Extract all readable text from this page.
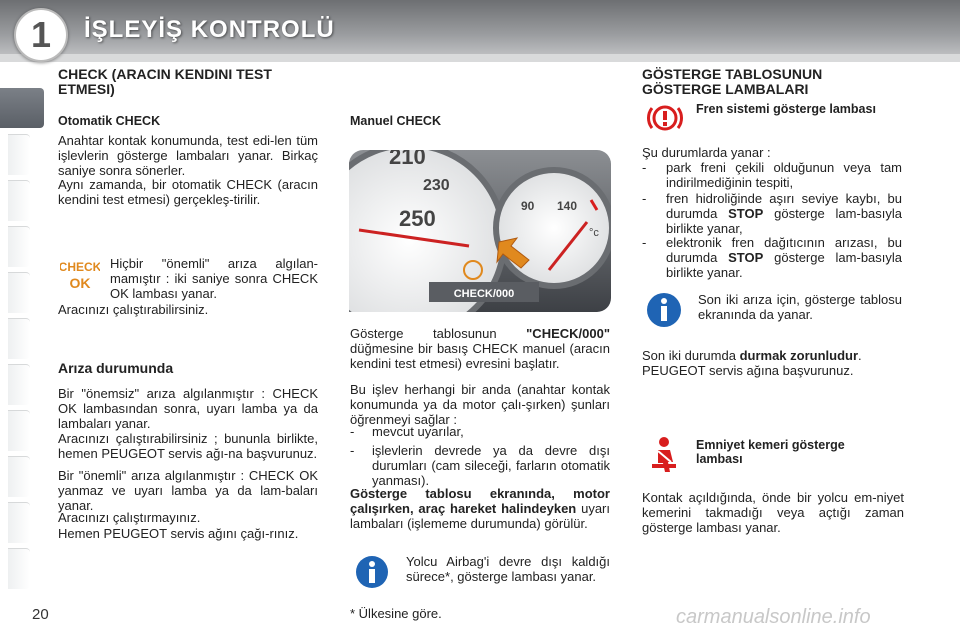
1	İŞLEYİŞ KONTROLÜ
CHECK (ARACIN KENDINI TEST ETMESI)
Otomatik CHECK
Anahtar kontak konumunda, test edi-len tüm işlevlerin gösterge lambaları yanar. Birkaç saniye sonra sönerler.
Aynı zamanda, bir otomatik CHECK (aracın kendini test etmesi) gerçekleş-tirilir.
CHECK
OK
Hiçbir "önemli" arıza algılan-mamıştır : iki saniye sonra CHECK OK lambası yanar.
Aracınızı çalıştırabilirsiniz.
Arıza durumunda
Bir "önemsiz" arıza algılanmıştır : CHECK OK lambasından sonra, uyarı lamba ya da lambaları yanar.
Aracınızı çalıştırabilirsiniz ; bununla birlikte, hemen PEUGEOT servis ağı-na başvurunuz.
Bir "önemli" arıza algılanmıştır : CHECK OK yanmaz ve uyarı lamba ya da lam-baları yanar.
Aracınızı çalıştırmayınız.
Hemen PEUGEOT servis ağını çağı-rınız.
Manuel CHECK
210
230
250	90 140
°c
CHECK/000
Gösterge tablosunun "CHECK/000" düğmesine bir basış CHECK manuel (aracın kendini test etmesi) evresini başlatır.
Bu işlev herhangi bir anda (anahtar kontak konumunda ya da motor çalı-şırken) şunları öğrenmeyi sağlar :
- mevcut uyarılar,
- işlevlerin devrede ya da devre dışı durumları (cam sileceği, farların otomatik yanması).
Gösterge tablosu ekranında, motor çalışırken, araç hareket halindeyken uyarı lambaları (işlememe durumunda) görülür.
Yolcu Airbag'i devre dışı kaldığı sürece*, gösterge lambası yanar.
* Ülkesine göre.
GÖSTERGE TABLOSUNUN GÖSTERGE LAMBALARI
Fren sistemi gösterge lambası
Şu durumlarda yanar :
- park freni çekili olduğunun veya tam indirilmediğinin tespiti,
- fren hidroliğinde aşırı seviye kaybı, bu durumda STOP gösterge lam-basıyla birlikte yanar,
- elektronik fren dağıtıcının arızası, bu durumda STOP gösterge lam-basıyla birlikte yanar.
Son iki arıza için, gösterge tablosu ekranında da yanar.
Son iki durumda durmak zorunludur.
PEUGEOT servis ağına başvurunuz.
Emniyet kemeri gösterge lambası
Kontak açıldığında, önde bir yolcu em-niyet kemerini takmadığı veya açtığı zaman gösterge lambası yanar.
20	carmanualsonline.info
